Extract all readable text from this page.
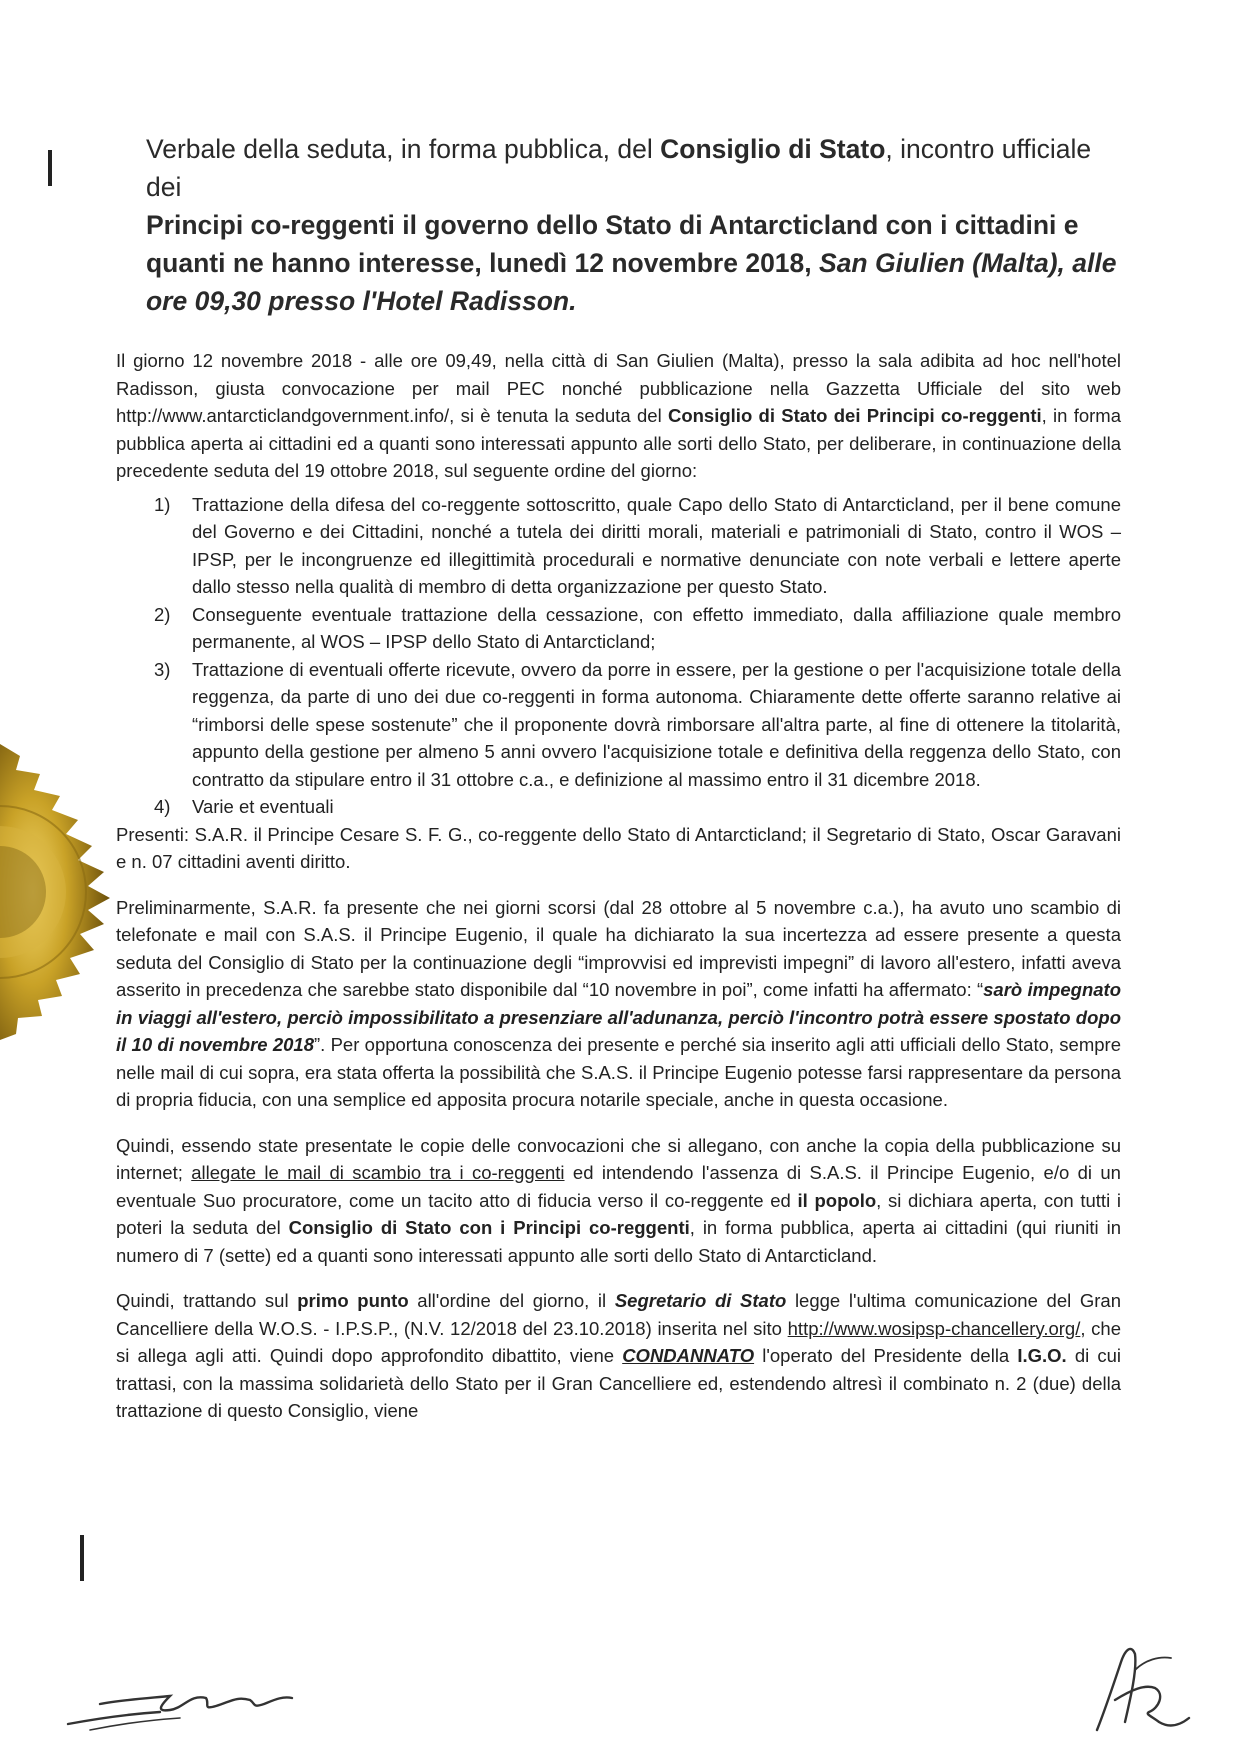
Verbale della seduta, in forma pubblica, del Consiglio di Stato, incontro ufficiale dei
Principi co-reggenti il governo dello Stato di Antarcticland con i cittadini e quanti ne hanno interesse, lunedì 12 novembre 2018, San Giulien (Malta), alle ore 09,30 presso l'Hotel Radisson.

Il giorno 12 novembre 2018 - alle ore 09,49, nella città di San Giulien (Malta), presso la sala adibita ad hoc nell'hotel Radisson, giusta convocazione per mail PEC nonché pubblicazione nella Gazzetta Ufficiale del sito web http://www.antarcticlandgovernment.info/, si è tenuta la seduta del Consiglio di Stato dei Principi co-reggenti, in forma pubblica aperta ai cittadini ed a quanti sono interessati appunto alle sorti dello Stato, per deliberare, in continuazione della precedente seduta del 19 ottobre 2018, sul seguente ordine del giorno:

1) Trattazione della difesa del co-reggente sottoscritto, quale Capo dello Stato di Antarcticland, per il bene comune del Governo e dei Cittadini, nonché a tutela dei diritti morali, materiali e patrimoniali di Stato, contro il WOS – IPSP, per le incongruenze ed illegittimità procedurali e normative denunciate con note verbali e lettere aperte dallo stesso nella qualità di membro di detta organizzazione per questo Stato.
2) Conseguente eventuale trattazione della cessazione, con effetto immediato, dalla affiliazione quale membro permanente, al WOS – IPSP dello Stato di Antarcticland;
3) Trattazione di eventuali offerte ricevute, ovvero da porre in essere, per la gestione o per l'acquisizione totale della reggenza, da parte di uno dei due co-reggenti in forma autonoma. Chiaramente dette offerte saranno relative ai “rimborsi delle spese sostenute” che il proponente dovrà rimborsare all'altra parte, al fine di ottenere la titolarità, appunto della gestione per almeno 5 anni ovvero l'acquisizione totale e definitiva della reggenza dello Stato, con contratto da stipulare entro il 31 ottobre c.a., e definizione al massimo entro il 31 dicembre 2018.
4) Varie et eventuali

Presenti: S.A.R. il Principe Cesare S. F. G., co-reggente dello Stato di Antarcticland; il Segretario di Stato, Oscar Garavani e n. 07 cittadini aventi diritto.

Preliminarmente, S.A.R. fa presente che nei giorni scorsi (dal 28 ottobre al 5 novembre c.a.), ha avuto uno scambio di telefonate e mail con S.A.S. il Principe Eugenio, il quale ha dichiarato la sua incertezza ad essere presente a questa seduta del Consiglio di Stato per la continuazione degli “improvvisi ed imprevisti impegni” di lavoro all'estero, infatti aveva asserito in precedenza che sarebbe stato disponibile dal “10 novembre in poi”, come infatti ha affermato: “sarò impegnato in viaggi all'estero, perciò impossibilitato a presenziare all'adunanza, perciò l'incontro potrà essere spostato dopo il 10 di novembre 2018”. Per opportuna conoscenza dei presente e perché sia inserito agli atti ufficiali dello Stato, sempre nelle mail di cui sopra, era stata offerta la possibilità che S.A.S. il Principe Eugenio potesse farsi rappresentare da persona di propria fiducia, con una semplice ed apposita procura notarile speciale, anche in questa occasione.

Quindi, essendo state presentate le copie delle convocazioni che si allegano, con anche la copia della pubblicazione su internet; allegate le mail di scambio tra i co-reggenti ed intendendo l'assenza di S.A.S. il Principe Eugenio, e/o di un eventuale Suo procuratore, come un tacito atto di fiducia verso il co-reggente ed il popolo, si dichiara aperta, con tutti i poteri la seduta del Consiglio di Stato con i Principi co-reggenti, in forma pubblica, aperta ai cittadini (qui riuniti in numero di 7 (sette) ed a quanti sono interessati appunto alle sorti dello Stato di Antarcticland.

Quindi, trattando sul primo punto all'ordine del giorno, il Segretario di Stato legge l'ultima comunicazione del Gran Cancelliere della W.O.S. - I.P.S.P., (N.V. 12/2018 del 23.10.2018) inserita nel sito http://www.wosipsp-chancellery.org/, che si allega agli atti. Quindi dopo approfondito dibattito, viene CONDANNATO l'operato del Presidente della I.G.O. di cui trattasi, con la massima solidarietà dello Stato per il Gran Cancelliere ed, estendendo altresì il combinato n. 2 (due) della trattazione di questo Consiglio, viene
